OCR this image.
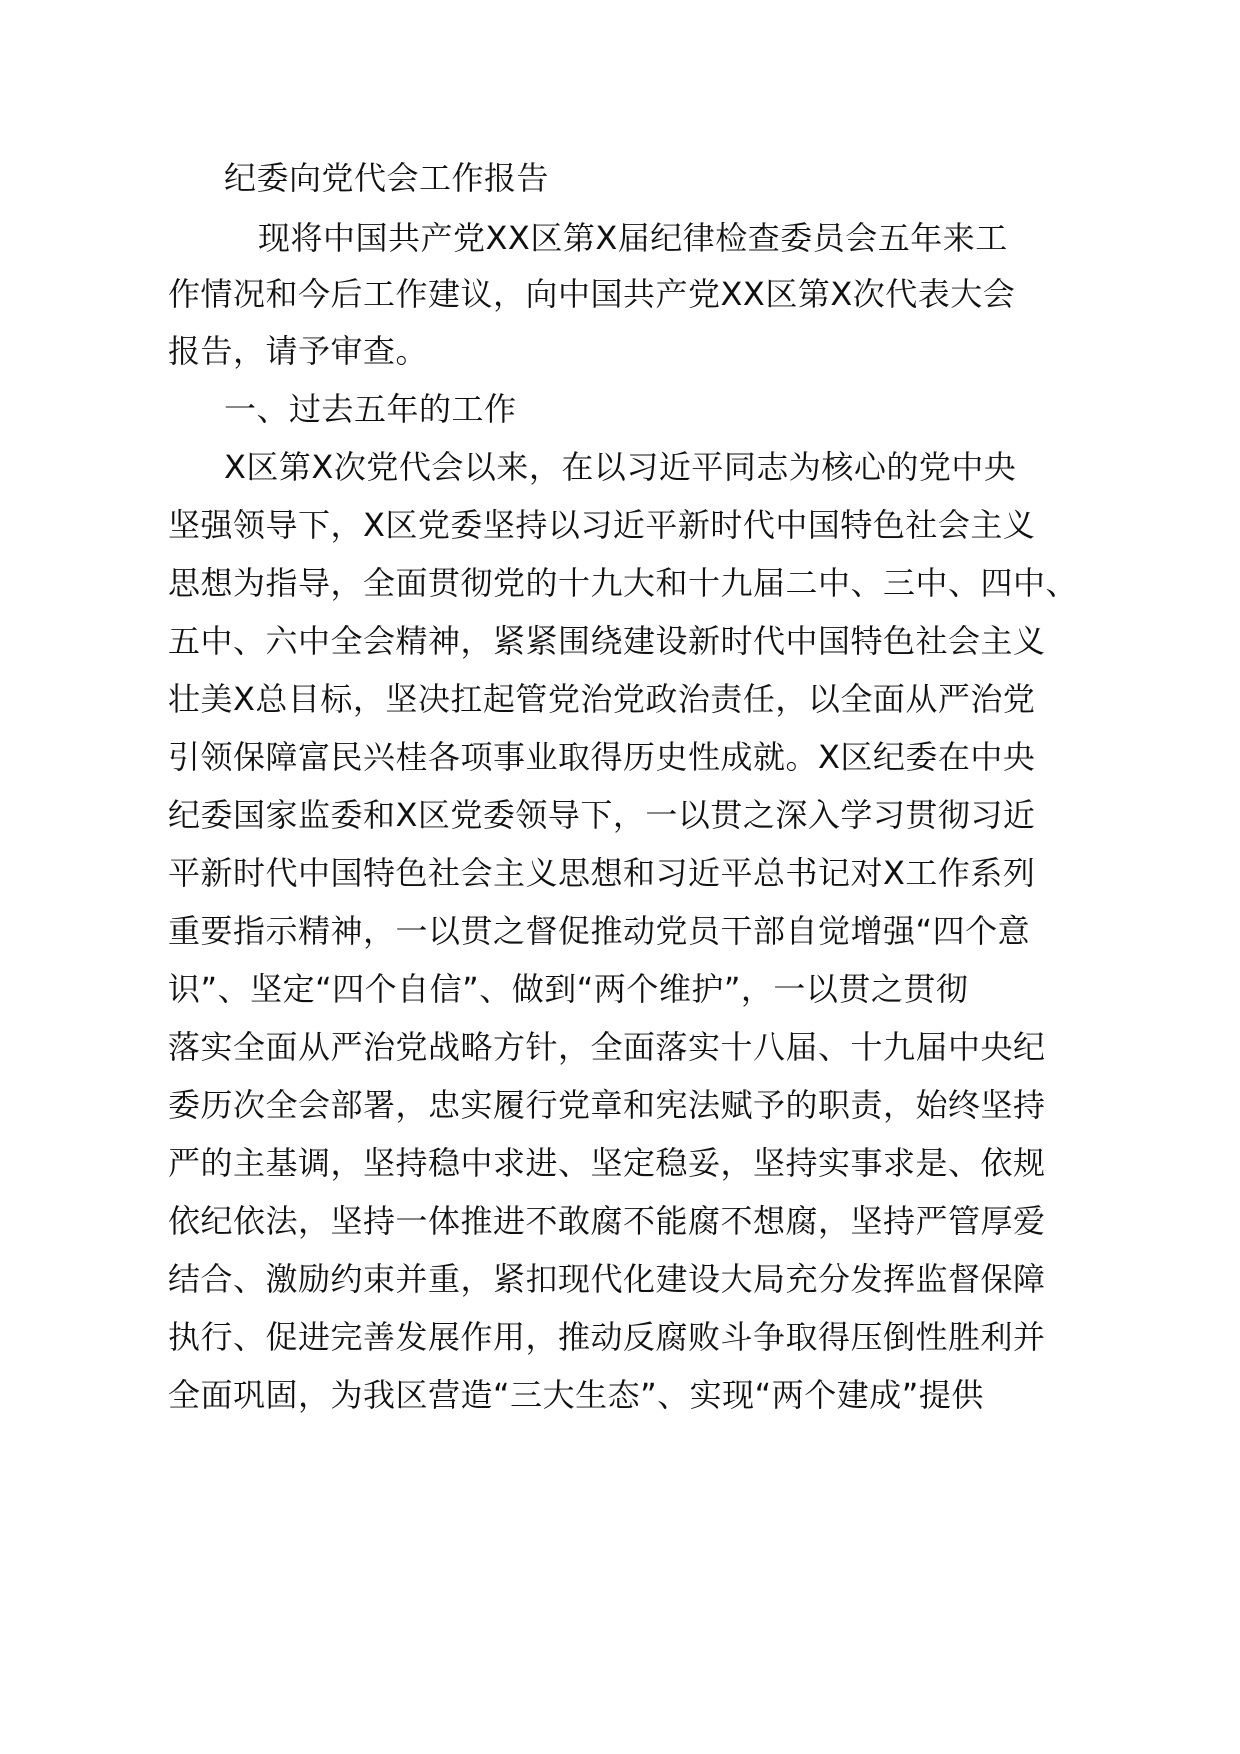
纪委向党代会工作报告
现将中国共产党XX区第X届纪律检查委员会五年来工
作情况和今后工作建议，向中国共产党XX区第X次代表大会
报告，请予审查。
一、过去五年的工作
X区第X次党代会以来，在以习近平同志为核心的党中央
坚强领导下，X区党委坚持以习近平新时代中国特色社会主义
思想为指导，全面贯彻党的十九大和十九届二中、三中、四中、
五中、六中全会精神，紧紧围绕建设新时代中国特色社会主义
壮美X总目标，坚决扛起管党治党政治责任，以全面从严治党
引领保障富民兴桂各项事业取得历史性成就。X区纪委在中央
纪委国家监委和X区党委领导下，一以贯之深入学习贯彻习近
平新时代中国特色社会主义思想和习近平总书记对X工作系列
重要指示精神，一以贯之督促推动党员干部自觉增强“四个意
识”、坚定“四个自信”、做到“两个维护”，一以贯之贯彻
落实全面从严治党战略方针，全面落实十八届、十九届中央纪
委历次全会部署，忠实履行党章和宪法赋予的职责，始终坚持
严的主基调，坚持稳中求进、坚定稳妥，坚持实事求是、依规
依纪依法，坚持一体推进不敢腐不能腐不想腐，坚持严管厚爱
结合、激励约束并重，紧扣现代化建设大局充分发挥监督保障
执行、促进完善发展作用，推动反腐败斗争取得压倒性胜利并
全面巩固，为我区营造“三大生态”、实现“两个建成”提供
